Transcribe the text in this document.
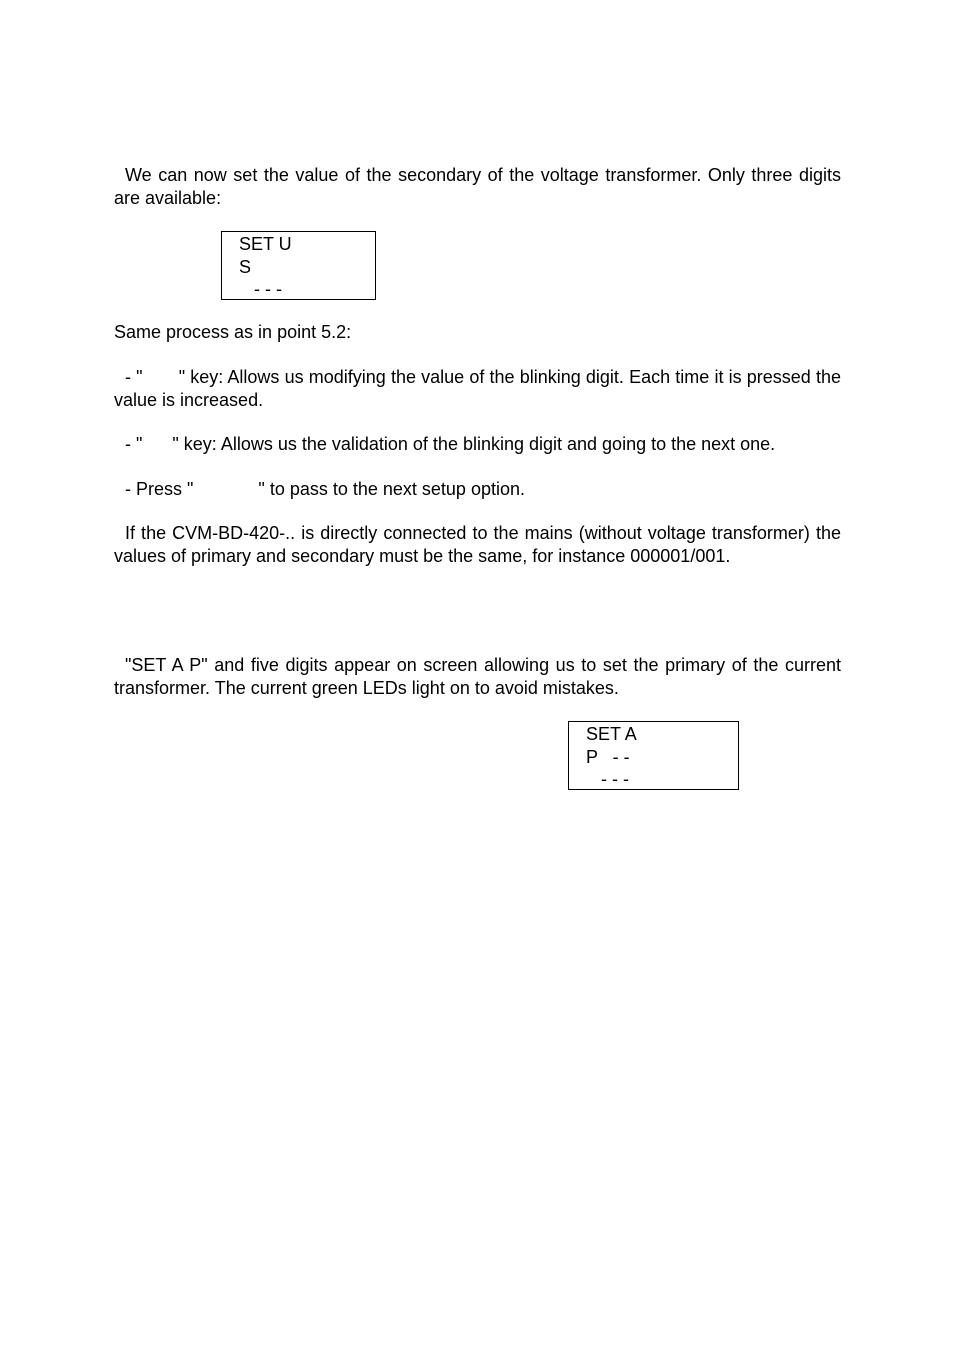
We can now set the value of the secondary of the voltage transformer. Only three digits are available:

SET U
S
- - -

Same process as in point 5.2:

- " " key: Allows us modifying the value of the blinking digit. Each time it is pressed the value is increased.

- " " key: Allows us the validation of the blinking digit and going to the next one.

- Press "	" to pass to the next setup option.

If the CVM-BD-420-.. is directly connected to the mains (without voltage transformer) the values of primary and secondary must be the same, for instance 000001/001.

"SET A P" and five digits appear on screen allowing us to set the primary of the current transformer. The current green LEDs light on to avoid mistakes.

SET A
P   - -
- - -
